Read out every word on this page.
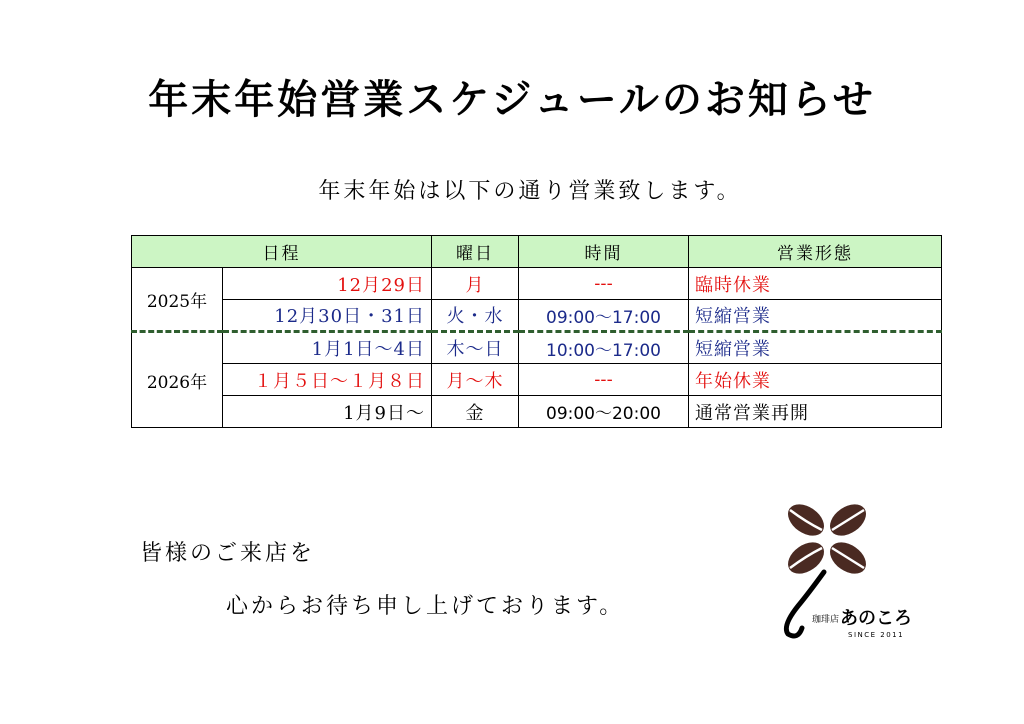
年末年始営業スケジュールのお知らせ

年末年始は以下の通り営業致します。

日程		曜日	時間	営業形態
2025年	12月29日	月	---	臨時休業
	12月30日・31日	火・水	09:00～17:00	短縮営業
2026年	1月1日～4日	木～日	10:00～17:00	短縮営業
	１月５日～１月８日	月～木	---	年始休業
	1月9日～	金	09:00～20:00	通常営業再開

皆様のご来店を
心からお待ち申し上げております。

珈琲店 あのころ
SINCE 2011
